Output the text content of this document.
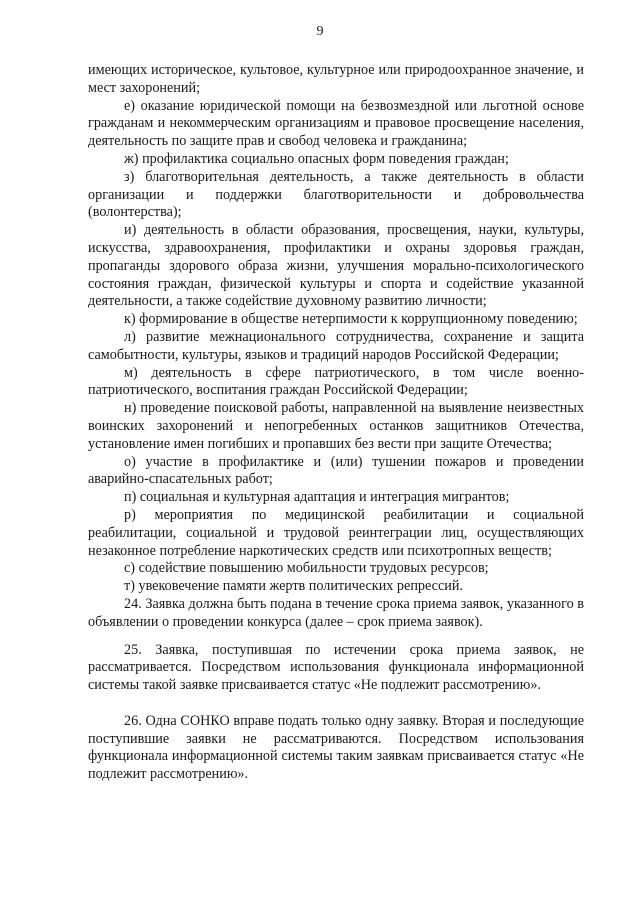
9

имеющих историческое, культовое, культурное или природоохранное значение, и мест захоронений;

е) оказание юридической помощи на безвозмездной или льготной основе гражданам и некоммерческим организациям и правовое просвещение населения, деятельность по защите прав и свобод человека и гражданина;

ж) профилактика социально опасных форм поведения граждан;

з) благотворительная деятельность, а также деятельность в области организации и поддержки благотворительности и добровольчества (волонтерства);

и) деятельность в области образования, просвещения, науки, культуры, искусства, здравоохранения, профилактики и охраны здоровья граждан, пропаганды здорового образа жизни, улучшения морально-психологического состояния граждан, физической культуры и спорта и содействие указанной деятельности, а также содействие духовному развитию личности;

к) формирование в обществе нетерпимости к коррупционному поведению;

л) развитие межнационального сотрудничества, сохранение и защита самобытности, культуры, языков и традиций народов Российской Федерации;

м) деятельность в сфере патриотического, в том числе военно-патриотического, воспитания граждан Российской Федерации;

н) проведение поисковой работы, направленной на выявление неизвестных воинских захоронений и непогребенных останков защитников Отечества, установление имен погибших и пропавших без вести при защите Отечества;

о) участие в профилактике и (или) тушении пожаров и проведении аварийно-спасательных работ;

п) социальная и культурная адаптация и интеграция мигрантов;

р) мероприятия по медицинской реабилитации и социальной реабилитации, социальной и трудовой реинтеграции лиц, осуществляющих незаконное потребление наркотических средств или психотропных веществ;

с) содействие повышению мобильности трудовых ресурсов;

т) увековечение памяти жертв политических репрессий.

24. Заявка должна быть подана в течение срока приема заявок, указанного в объявлении о проведении конкурса (далее – срок приема заявок).

25. Заявка, поступившая по истечении срока приема заявок, не рассматривается. Посредством использования функционала информационной системы такой заявке присваивается статус «Не подлежит рассмотрению».

26. Одна СОНКО вправе подать только одну заявку. Вторая и последующие поступившие заявки не рассматриваются. Посредством использования функционала информационной системы таким заявкам присваивается статус «Не подлежит рассмотрению».
